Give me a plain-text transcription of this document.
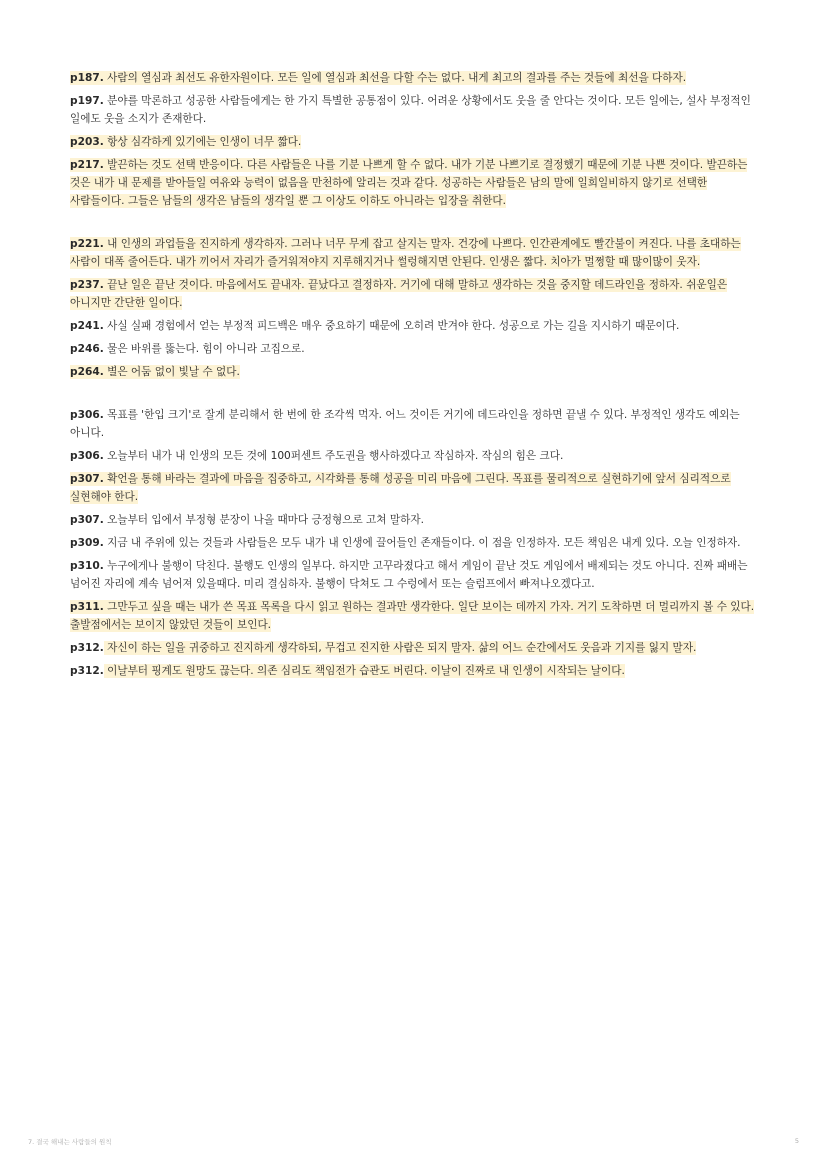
p187. 사람의 열심과 최선도 유한자원이다. 모든 일에 열심과 최선을 다할 수는 없다. 내게 최고의 결과를 주는 것들에 최선을 다하자.

p197. 분야를 막론하고 성공한 사람들에게는 한 가지 특별한 공통점이 있다. 어려운 상황에서도 웃을 줄 안다는 것이다. 모든 일에는, 설사 부정적인 일에도 웃을 소지가 존재한다.

p203. 항상 심각하게 있기에는 인생이 너무 짧다.

p217. 발끈하는 것도 선택 반응이다. 다른 사람들은 나를 기분 나쁘게 할 수 없다. 내가 기분 나쁘기로 결정했기 때문에 기분 나쁜 것이다. 발끈하는 것은 내가 내 문제를 받아들일 여유와 능력이 없음을 만천하에 알리는 것과 같다. 성공하는 사람들은 남의 말에 일희일비하지 않기로 선택한 사람들이다. 그들은 남들의 생각은 남들의 생각일 뿐 그 이상도 이하도 아니라는 입장을 취한다.

p221. 내 인생의 과업들을 진지하게 생각하자. 그러나 너무 무게 잡고 살지는 말자. 건강에 나쁘다. 인간관계에도 빨간불이 켜진다. 나를 초대하는 사람이 대폭 줄어든다. 내가 끼어서 자리가 즐거워져야지 지루해지거나 썰렁해지면 안된다. 인생은 짧다. 치아가 멀쩡할 때 많이많이 웃자.

p237. 끝난 일은 끝난 것이다. 마음에서도 끝내자. 끝났다고 결정하자. 거기에 대해 말하고 생각하는 것을 중지할 데드라인을 정하자. 쉬운일은 아니지만 간단한 일이다.

p241. 사실 실패 경험에서 얻는 부정적 피드백은 매우 중요하기 때문에 오히려 반겨야 한다. 성공으로 가는 길을 지시하기 때문이다.

p246. 물은 바위를 뚫는다. 힘이 아니라 고집으로.

p264. 별은 어둠 없이 빛날 수 없다.

p306. 목표를 '한입 크기'로 잘게 분리해서 한 번에 한 조각씩 먹자. 어느 것이든 거기에 데드라인을 정하면 끝낼 수 있다. 부정적인 생각도 예외는 아니다.

p306. 오늘부터 내가 내 인생의 모든 것에 100퍼센트 주도권을 행사하겠다고 작심하자. 작심의 힘은 크다.

p307. 확언을 통해 바라는 결과에 마음을 집중하고, 시각화를 통해 성공을 미리 마음에 그린다. 목표를 물리적으로 실현하기에 앞서 심리적으로 실현해야 한다.

p307. 오늘부터 입에서 부정형 분장이 나올 때마다 긍정형으로 고쳐 말하자.

p309. 지금 내 주위에 있는 것들과 사람들은 모두 내가 내 인생에 끌어들인 존재들이다. 이 점을 인정하자. 모든 책임은 내게 있다. 오늘 인정하자.

p310. 누구에게나 불행이 닥친다. 불행도 인생의 일부다. 하지만 고꾸라졌다고 해서 게임이 끝난 것도 게임에서 배제되는 것도 아니다. 진짜 패배는 넘어진 자리에 계속 넘어져 있을때다. 미리 결심하자. 불행이 닥쳐도 그 수렁에서 또는 슬럼프에서 빠져나오겠다고.

p311. 그만두고 싶을 때는 내가 쓴 목표 목록을 다시 읽고 원하는 결과만 생각한다. 일단 보이는 데까지 가자. 거기 도착하면 더 멀리까지 볼 수 있다. 출발점에서는 보이지 않았던 것들이 보인다.

p312. 자신이 하는 일을 귀중하고 진지하게 생각하되, 무겁고 진지한 사람은 되지 말자. 삶의 어느 순간에서도 웃음과 기지를 잃지 말자.

p312. 이날부터 핑계도 원망도 끊는다. 의존 심리도 책임전가 습관도 버린다. 이날이 진짜로 내 인생이 시작되는 날이다.

7. 결국 해내는 사람들의 원칙	5
